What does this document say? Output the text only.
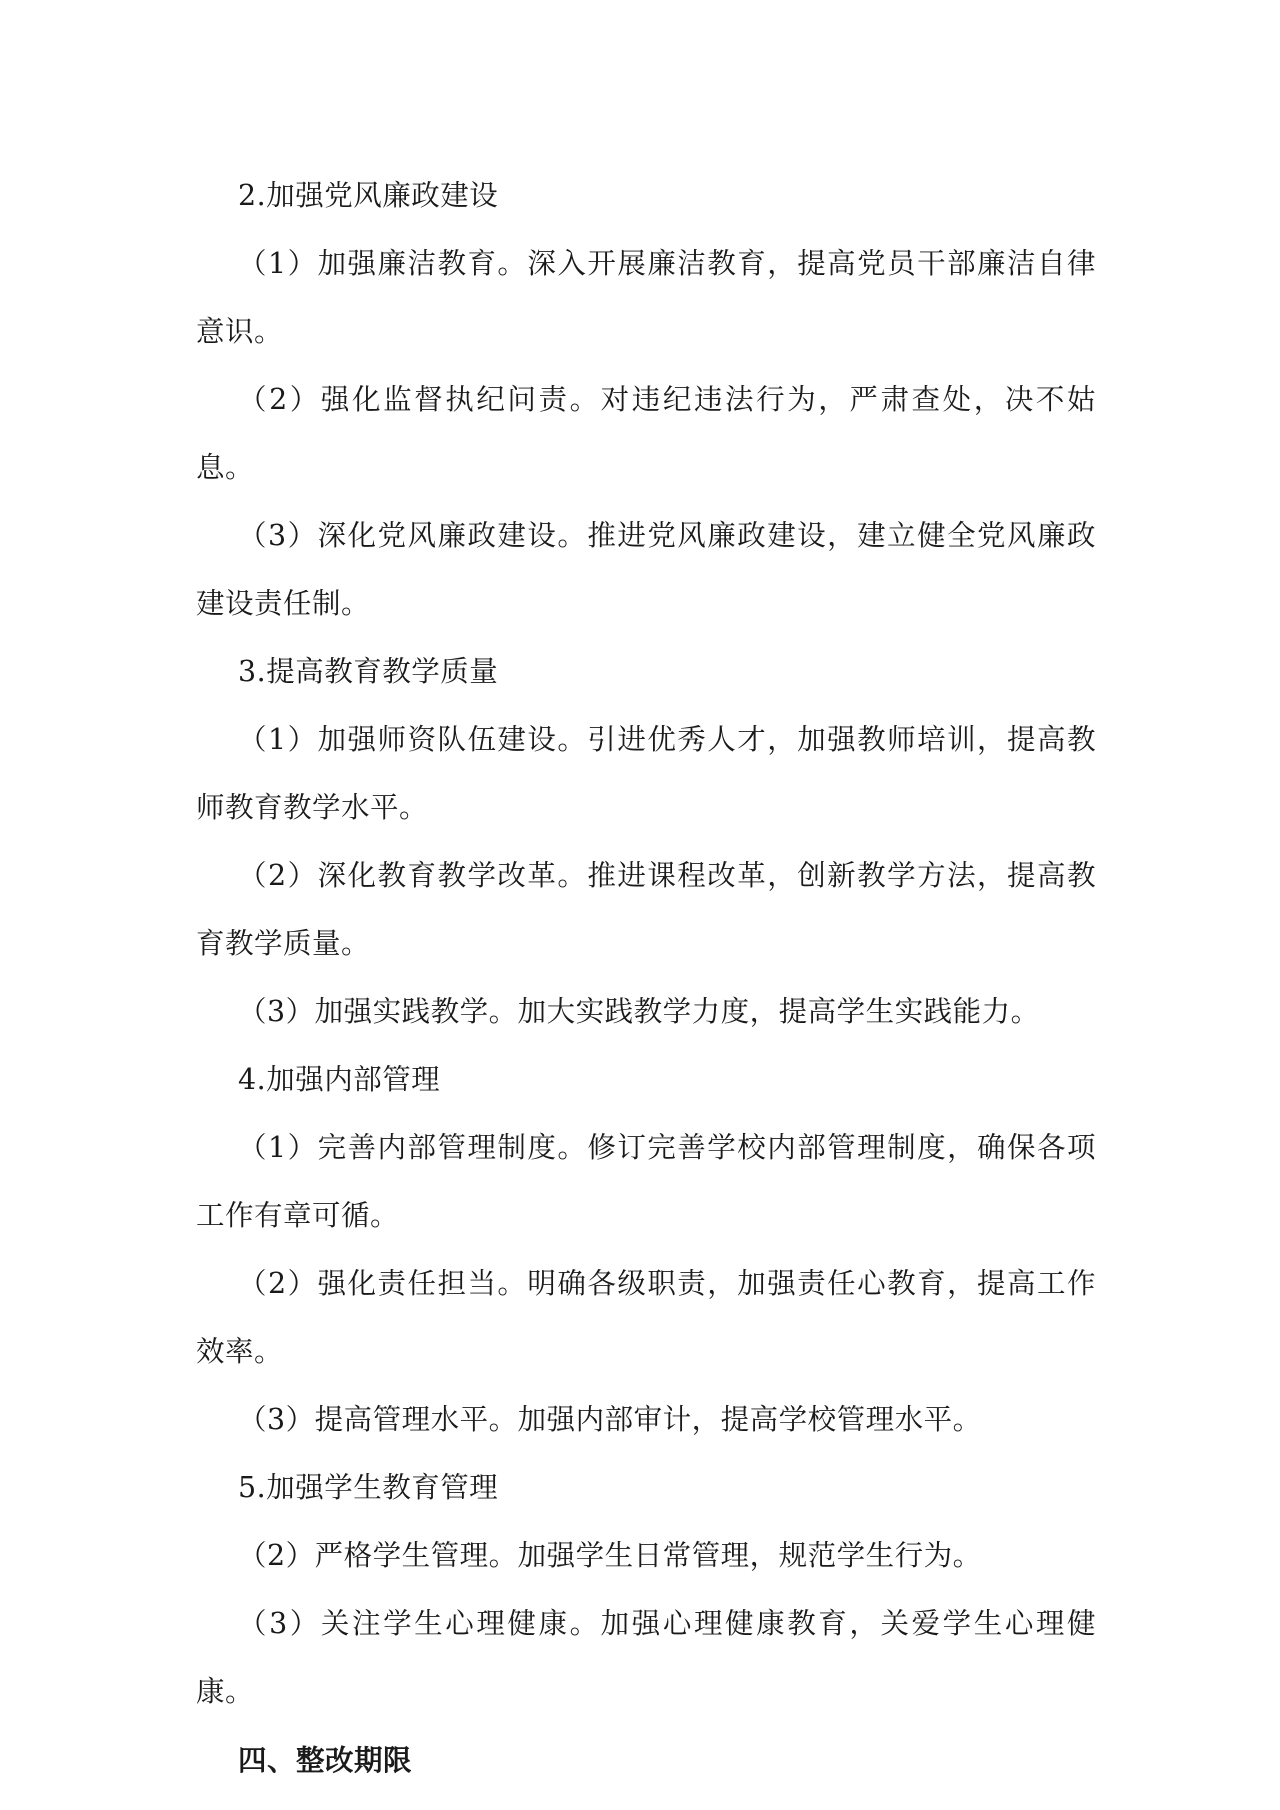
2.加强党风廉政建设

（1）加强廉洁教育。深入开展廉洁教育，提高党员干部廉洁自律意识。

（2）强化监督执纪问责。对违纪违法行为，严肃查处，决不姑息。

（3）深化党风廉政建设。推进党风廉政建设，建立健全党风廉政建设责任制。

3.提高教育教学质量

（1）加强师资队伍建设。引进优秀人才，加强教师培训，提高教师教育教学水平。

（2）深化教育教学改革。推进课程改革，创新教学方法，提高教育教学质量。

（3）加强实践教学。加大实践教学力度，提高学生实践能力。

4.加强内部管理

（1）完善内部管理制度。修订完善学校内部管理制度，确保各项工作有章可循。

（2）强化责任担当。明确各级职责，加强责任心教育，提高工作效率。

（3）提高管理水平。加强内部审计，提高学校管理水平。

5.加强学生教育管理

（2）严格学生管理。加强学生日常管理，规范学生行为。

（3）关注学生心理健康。加强心理健康教育，关爱学生心理健康。

四、整改期限
